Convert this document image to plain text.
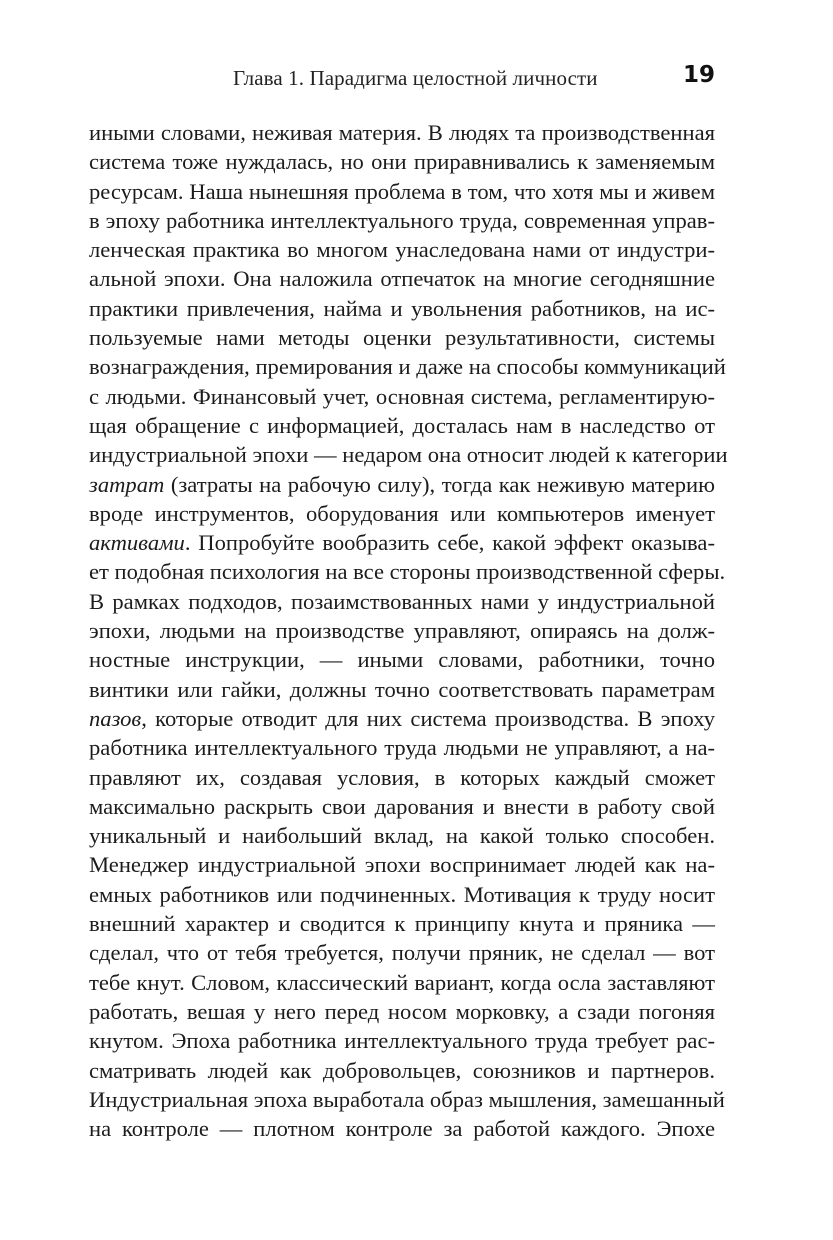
Глава 1. Парадигма целостной личности	19
иными словами, неживая материя. В людях та производственная
система тоже нуждалась, но они приравнивались к заменяемым
ресурсам. Наша нынешняя проблема в том, что хотя мы и живем
в эпоху работника интеллектуального труда, современная управ-
ленческая практика во многом унаследована нами от индустри-
альной эпохи. Она наложила отпечаток на многие сегодняшние
практики привлечения, найма и увольнения работников, на ис-
пользуемые нами методы оценки результативности, системы
вознаграждения, премирования и даже на способы коммуникаций
с людьми. Финансовый учет, основная система, регламентирую-
щая обращение с информацией, досталась нам в наследство от
индустриальной эпохи — недаром она относит людей к категории
затрат (затраты на рабочую силу), тогда как неживую материю
вроде инструментов, оборудования или компьютеров именует
активами. Попробуйте вообразить себе, какой эффект оказыва-
ет подобная психология на все стороны производственной сферы.
В рамках подходов, позаимствованных нами у индустриальной
эпохи, людьми на производстве управляют, опираясь на долж-
ностные инструкции, — иными словами, работники, точно
винтики или гайки, должны точно соответствовать параметрам
пазов, которые отводит для них система производства. В эпоху
работника интеллектуального труда людьми не управляют, а на-
правляют их, создавая условия, в которых каждый сможет
максимально раскрыть свои дарования и внести в работу свой
уникальный и наибольший вклад, на какой только способен.
Менеджер индустриальной эпохи воспринимает людей как на-
емных работников или подчиненных. Мотивация к труду носит
внешний характер и сводится к принципу кнута и пряника —
сделал, что от тебя требуется, получи пряник, не сделал — вот
тебе кнут. Словом, классический вариант, когда осла заставляют
работать, вешая у него перед носом морковку, а сзади погоняя
кнутом. Эпоха работника интеллектуального труда требует рас-
сматривать людей как добровольцев, союзников и партнеров.
Индустриальная эпоха выработала образ мышления, замешанный
на контроле — плотном контроле за работой каждого. Эпохе
